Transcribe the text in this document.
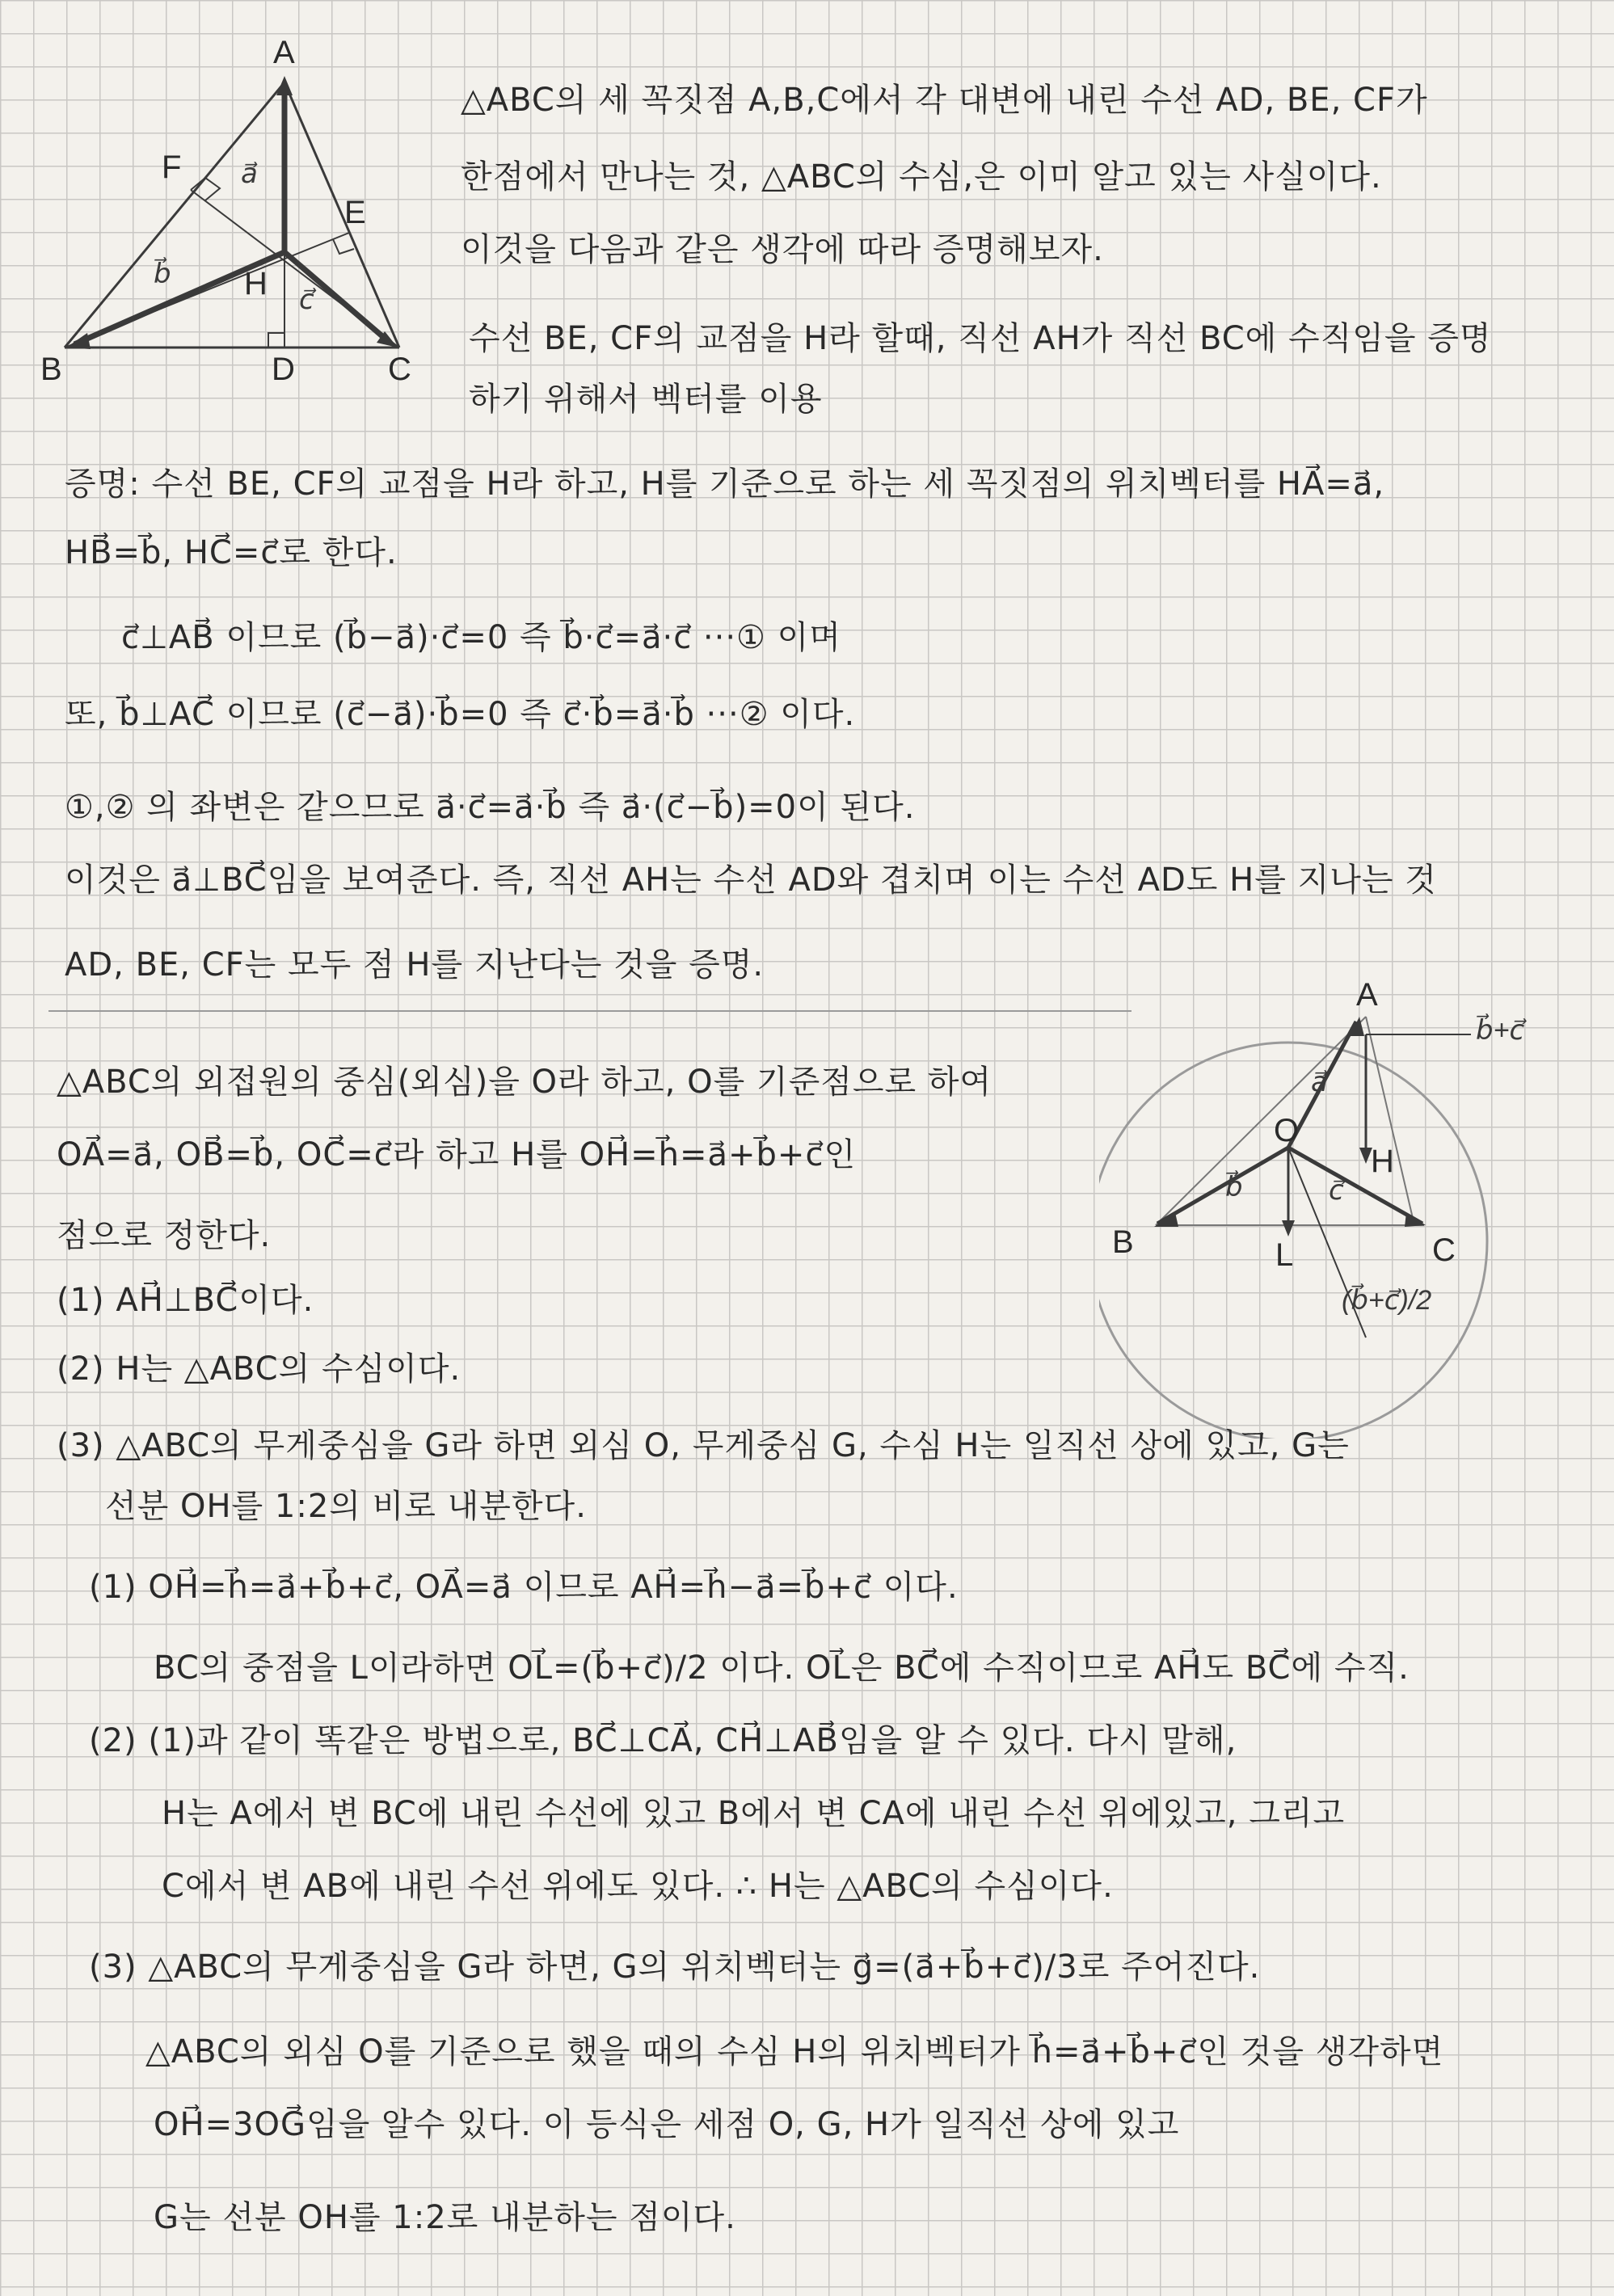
A
B	C
D
E
F
H
a⃗
b⃗
c⃗
△ABC의 세 꼭짓점 A,B,C에서 각 대변에 내린 수선 AD, BE, CF가
한점에서 만나는 것, △ABC의 수심,은 이미 알고 있는 사실이다.
이것을 다음과 같은 생각에 따라 증명해보자.
수선 BE, CF의 교점을 H라 할때, 직선 AH가 직선 BC에 수직임을 증명
하기 위해서 벡터를 이용
증명: 수선 BE, CF의 교점을 H라 하고, H를 기준으로 하는 세 꼭짓점의 위치벡터를 HA⃗=a⃗,
HB⃗=b⃗, HC⃗=c⃗로 한다.
c⃗⊥AB⃗ 이므로 (b⃗−a⃗)·c⃗=0 즉 b⃗·c⃗=a⃗·c⃗ ···① 이며
또, b⃗⊥AC⃗ 이므로 (c⃗−a⃗)·b⃗=0 즉 c⃗·b⃗=a⃗·b⃗ ···② 이다.
①,② 의 좌변은 같으므로 a⃗·c⃗=a⃗·b⃗ 즉 a⃗·(c⃗−b⃗)=0이 된다.
이것은 a⃗⊥BC⃗임을 보여준다. 즉, 직선 AH는 수선 AD와 겹치며 이는 수선 AD도 H를 지나는 것
AD, BE, CF는 모두 점 H를 지난다는 것을 증명.
A
B	C
O
H
L
b⃗+c⃗
(b⃗+c⃗)/2
a⃗
b⃗	c⃗
△ABC의 외접원의 중심(외심)을 O라 하고, O를 기준점으로 하여
OA⃗=a⃗, OB⃗=b⃗, OC⃗=c⃗라 하고 H를 OH⃗=h⃗=a⃗+b⃗+c⃗인
점으로 정한다.
(1) AH⃗⊥BC⃗이다.
(2) H는 △ABC의 수심이다.
(3) △ABC의 무게중심을 G라 하면 외심 O, 무게중심 G, 수심 H는 일직선 상에 있고, G는
선분 OH를 1:2의 비로 내분한다.
(1) OH⃗=h⃗=a⃗+b⃗+c⃗, OA⃗=a⃗ 이므로 AH⃗=h⃗−a⃗=b⃗+c⃗ 이다.
BC의 중점을 L이라하면 OL⃗=(b⃗+c⃗)/2 이다. OL⃗은 BC⃗에 수직이므로 AH⃗도 BC⃗에 수직.
(2) (1)과 같이 똑같은 방법으로, BC⃗⊥CA⃗, CH⃗⊥AB⃗임을 알 수 있다. 다시 말해,
H는 A에서 변 BC에 내린 수선에 있고 B에서 변 CA에 내린 수선 위에있고, 그리고
C에서 변 AB에 내린 수선 위에도 있다. ∴ H는 △ABC의 수심이다.
(3) △ABC의 무게중심을 G라 하면, G의 위치벡터는 g⃗=(a⃗+b⃗+c⃗)/3로 주어진다.
△ABC의 외심 O를 기준으로 했을 때의 수심 H의 위치벡터가 h⃗=a⃗+b⃗+c⃗인 것을 생각하면
OH⃗=3OG⃗임을 알수 있다. 이 등식은 세점 O, G, H가 일직선 상에 있고
G는 선분 OH를 1:2로 내분하는 점이다.
